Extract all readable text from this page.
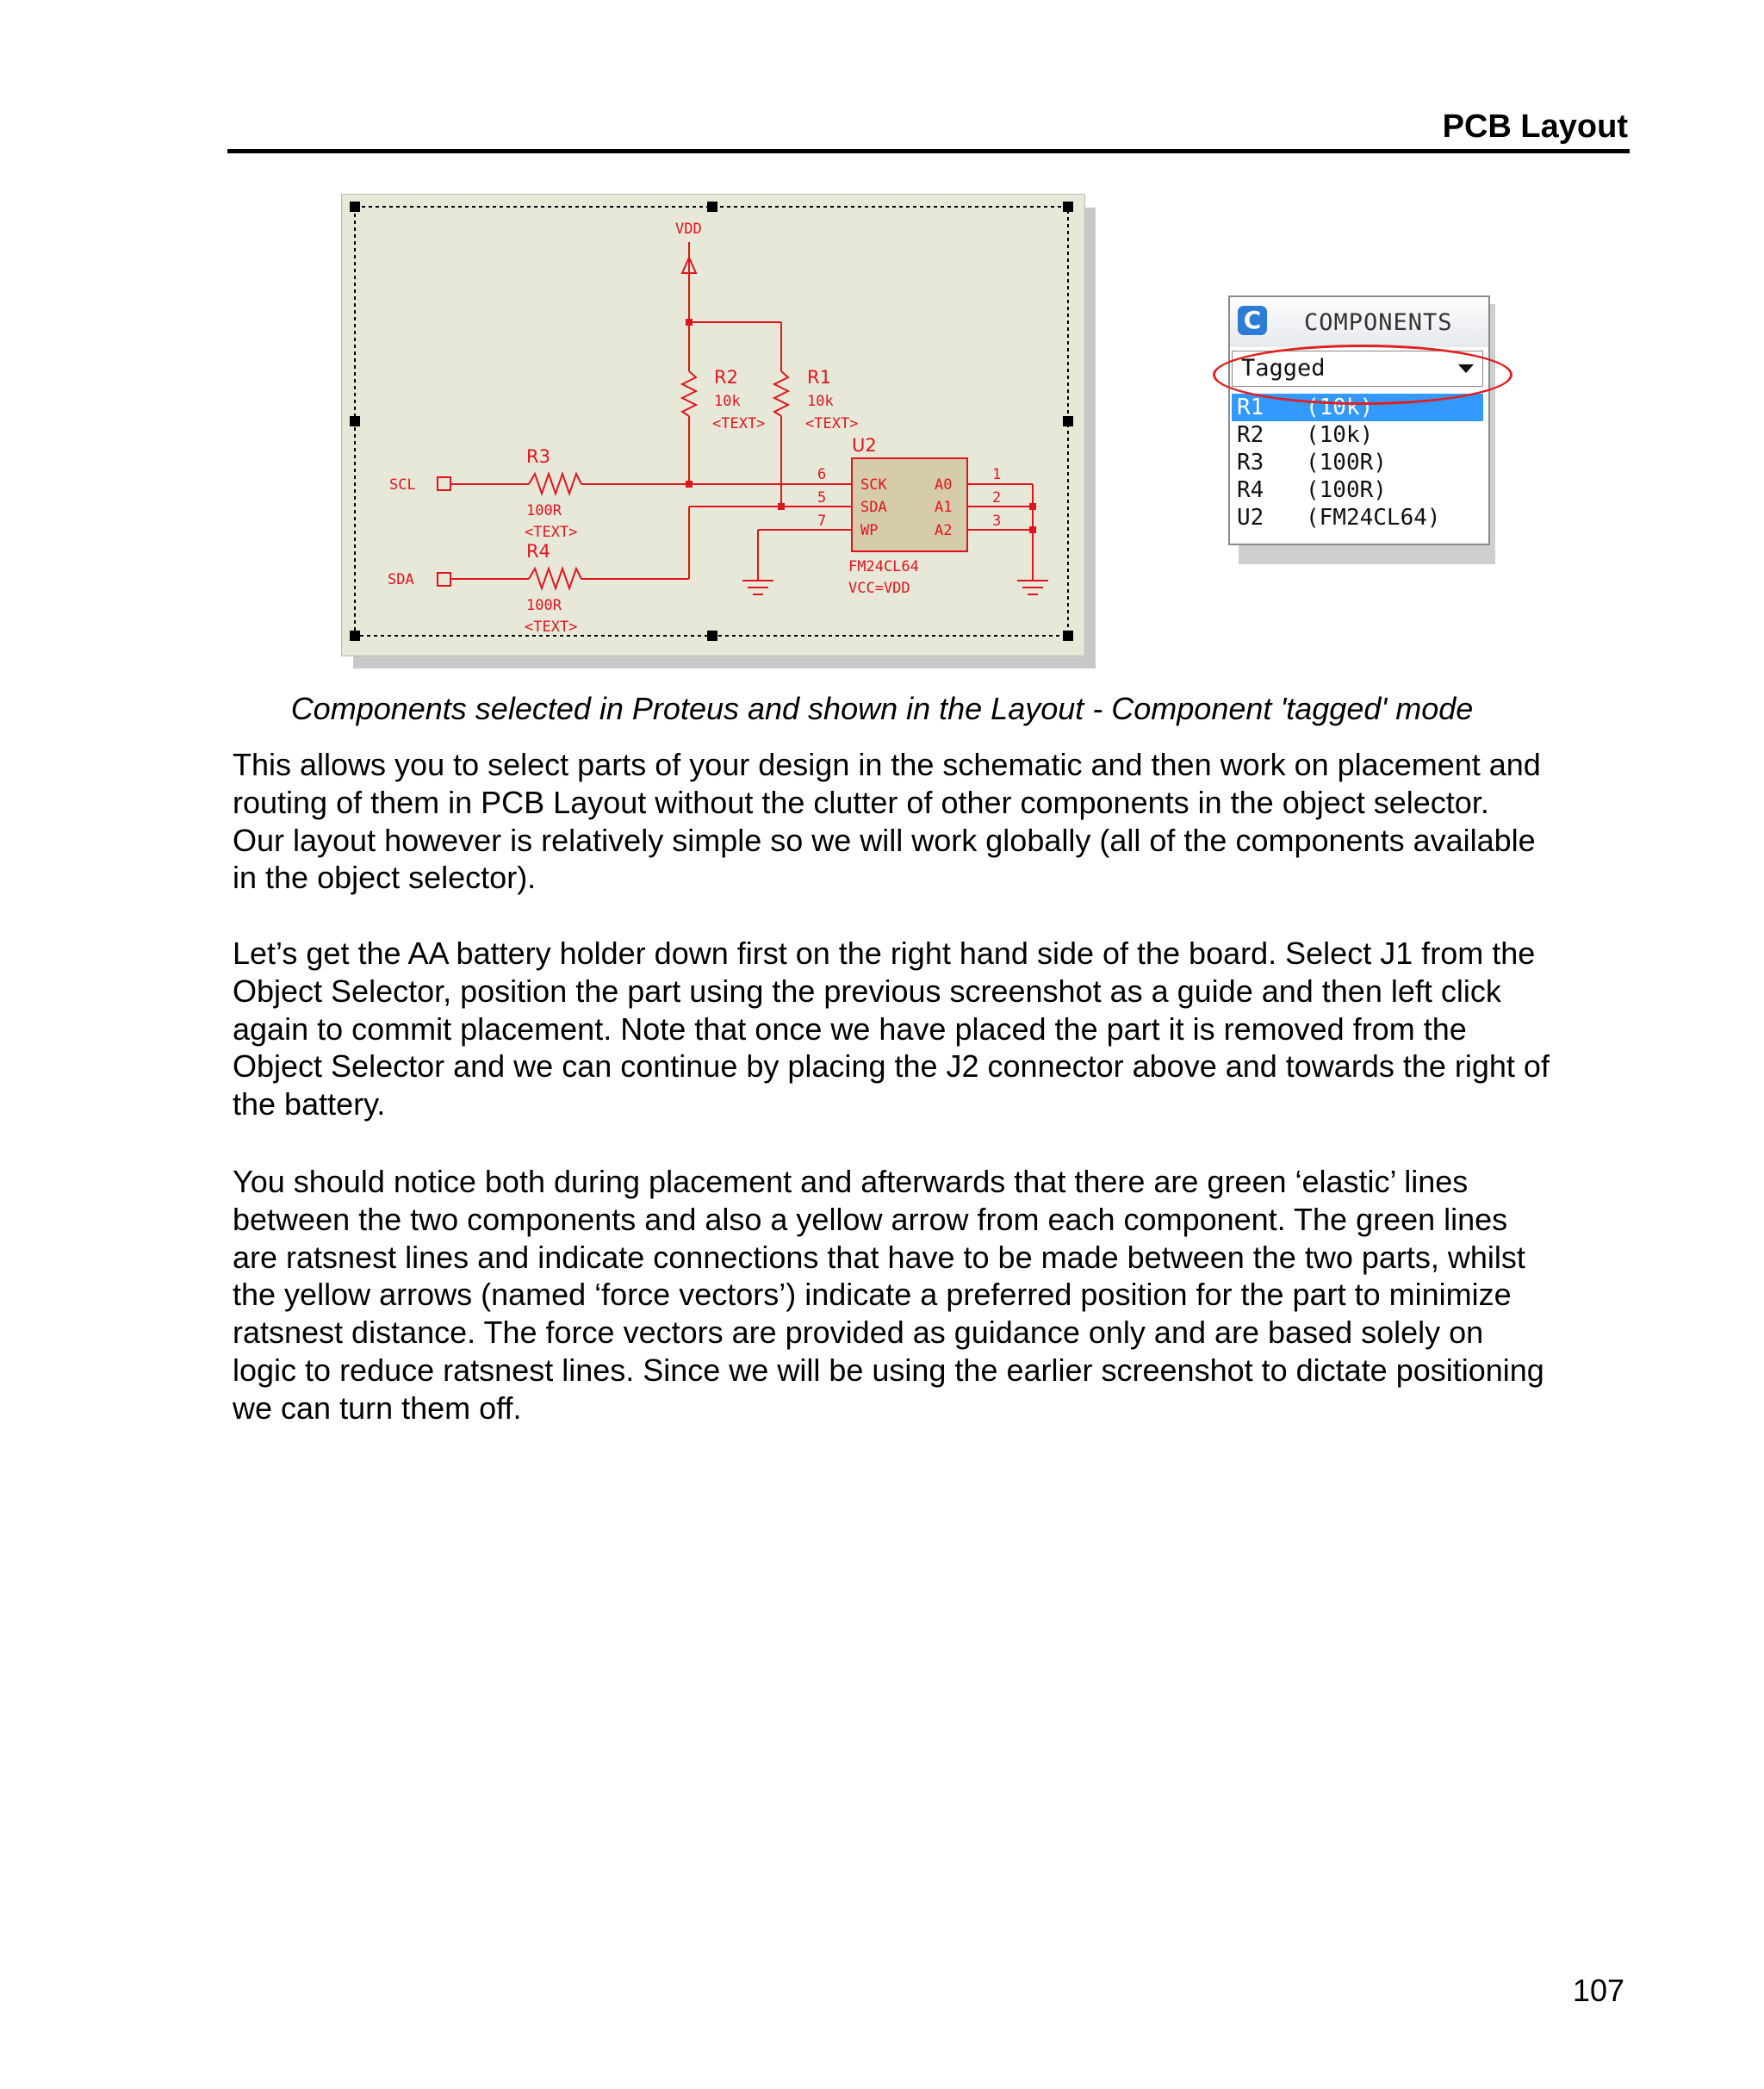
PCB Layout
VDD
R2
10k
<TEXT>
R1
10k
<TEXT>
U2
R3
100R
<TEXT>
R4
100R
<TEXT>
SCL
SDA
6
5
7
1
2
3
SCK
SDA
WP
A0
A1
A2
FM24CL64
VCC=VDD
C COMPONENTS
Tagged
R1 (10k)
R2 (10k)
R3 (100R)
R4 (100R)
U2 (FM24CL64)
Components selected in Proteus and shown in the Layout - Component 'tagged' mode
This allows you to select parts of your design in the schematic and then work on placement and
routing of them in PCB Layout without the clutter of other components in the object selector.
Our layout however is relatively simple so we will work globally (all of the components available
in the object selector).
Let’s get the AA battery holder down first on the right hand side of the board. Select J1 from the
Object Selector, position the part using the previous screenshot as a guide and then left click
again to commit placement. Note that once we have placed the part it is removed from the
Object Selector and we can continue by placing the J2 connector above and towards the right of
the battery.
You should notice both during placement and afterwards that there are green ‘elastic’ lines
between the two components and also a yellow arrow from each component. The green lines
are ratsnest lines and indicate connections that have to be made between the two parts, whilst
the yellow arrows (named ‘force vectors’) indicate a preferred position for the part to minimize
ratsnest distance. The force vectors are provided as guidance only and are based solely on
logic to reduce ratsnest lines. Since we will be using the earlier screenshot to dictate positioning
we can turn them off.
107
